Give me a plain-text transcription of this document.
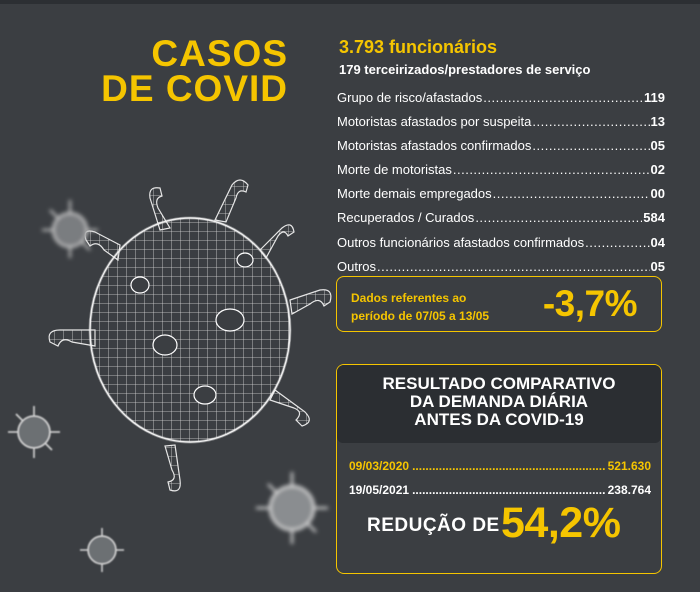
CASOS
DE COVID
3.793 funcionários
179 terceirizados/prestadores de serviço
Grupo de risco/afastados .....	119
Motoristas afastados por suspeita .....	13
Motoristas afastados confirmados .....	05
Morte de motoristas .....	02
Morte demais empregados .....	00
Recuperados / Curados .....	584
Outros funcionários afastados confirmados .....	04
Outros .....	05
Dados referentes ao
período de 07/05 a 13/05	-3,7%
RESULTADO COMPARATIVO
DA DEMANDA DIÁRIA
ANTES DA COVID-19
09/03/2020 .....	521.630
19/05/2021 .....	238.764
REDUÇÃO DE 54,2%
